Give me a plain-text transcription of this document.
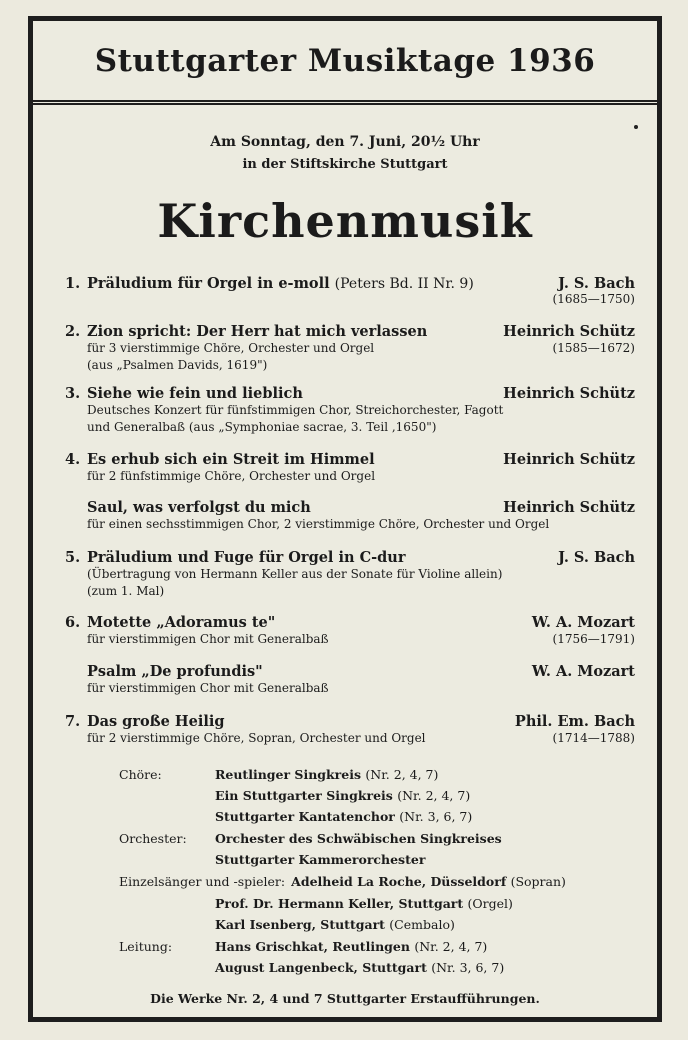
Stuttgarter Musiktage 1936
Am Sonntag, den 7. Juni, 20½ Uhr
in der Stiftskirche Stuttgart
Kirchenmusik
1. Präludium für Orgel in e-moll (Peters Bd. II Nr. 9)	J. S. Bach
(1685—1750)
2. Zion spricht: Der Herr hat mich verlassen	Heinrich Schütz
für 3 vierstimmige Chöre, Orchester und Orgel	(1585—1672)
(aus „Psalmen Davids, 1619")
3. Siehe wie fein und lieblich	Heinrich Schütz
Deutsches Konzert für fünfstimmigen Chor, Streichorchester, Fagott
und Generalbaß (aus „Symphoniae sacrae, 3. Teil ,1650")
4. Es erhub sich ein Streit im Himmel	Heinrich Schütz
für 2 fünfstimmige Chöre, Orchester und Orgel
Saul, was verfolgst du mich	Heinrich Schütz
für einen sechsstimmigen Chor, 2 vierstimmige Chöre, Orchester und Orgel
5. Präludium und Fuge für Orgel in C-dur	J. S. Bach
(Übertragung von Hermann Keller aus der Sonate für Violine allein)
(zum 1. Mal)
6. Motette „Adoramus te"	W. A. Mozart
für vierstimmigen Chor mit Generalbaß	(1756—1791)
Psalm „De profundis"	W. A. Mozart
für vierstimmigen Chor mit Generalbaß
7. Das große Heilig	Phil. Em. Bach
für 2 vierstimmige Chöre, Sopran, Orchester und Orgel	(1714—1788)
Chöre:	Reutlinger Singkreis (Nr. 2, 4, 7)
Ein Stuttgarter Singkreis (Nr. 2, 4, 7)
Stuttgarter Kantatenchor (Nr. 3, 6, 7)
Orchester:	Orchester des Schwäbischen Singkreises
Stuttgarter Kammerorchester
Einzelsänger und -spieler: Adelheid La Roche, Düsseldorf (Sopran)
Prof. Dr. Hermann Keller, Stuttgart (Orgel)
Karl Isenberg, Stuttgart (Cembalo)
Leitung:	Hans Grischkat, Reutlingen (Nr. 2, 4, 7)
August Langenbeck, Stuttgart (Nr. 3, 6, 7)
Die Werke Nr. 2, 4 und 7 Stuttgarter Erstaufführungen.
